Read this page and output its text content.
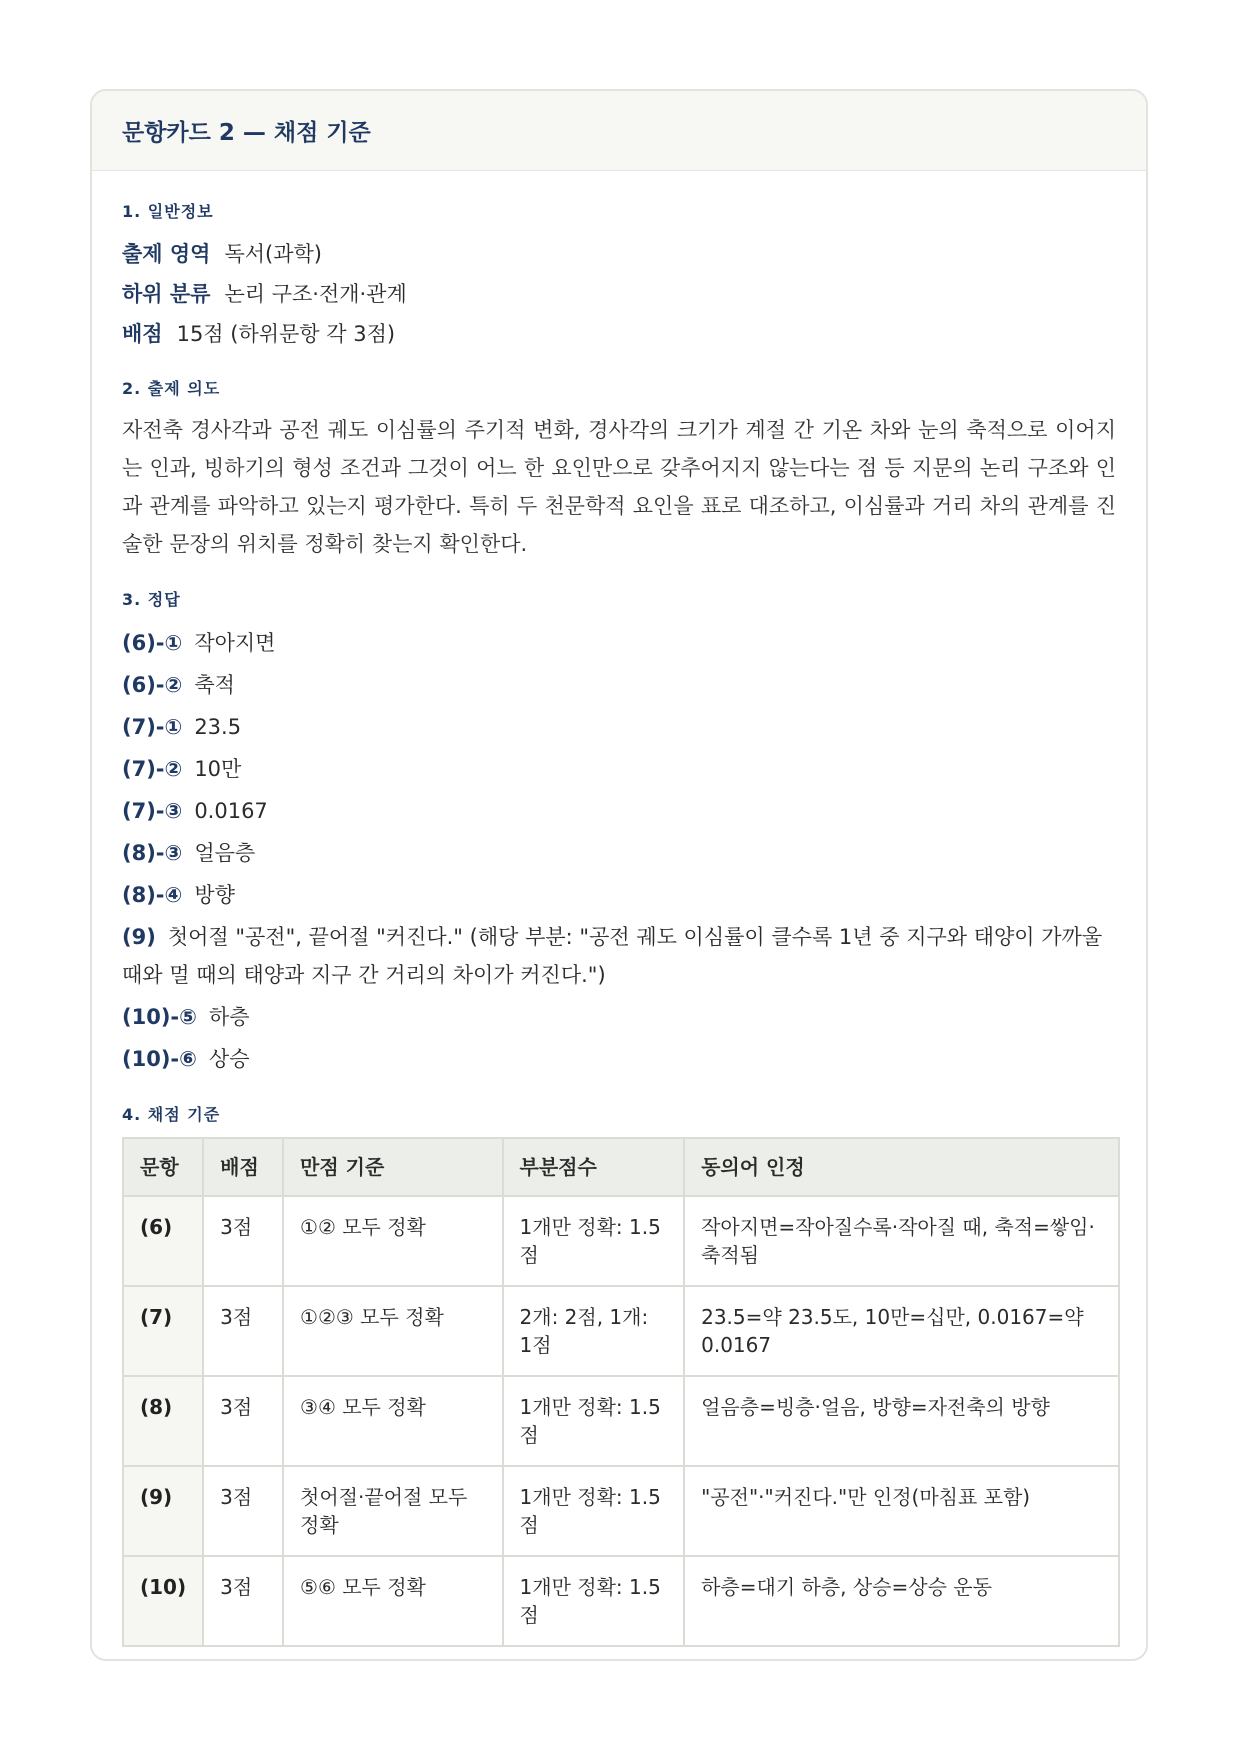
문항카드 2 — 채점 기준
1. 일반정보
출제 영역 독서(과학)
하위 분류 논리 구조·전개·관계
배점 15점 (하위문항 각 3점)
2. 출제 의도

자전축 경사각과 공전 궤도 이심률의 주기적 변화, 경사각의 크기가 계절 간 기온 차와 눈의 축적으로 이어지는 인과, 빙하기의 형성 조건과 그것이 어느 한 요인만으로 갖추어지지 않는다는 점 등 지문의 논리 구조와 인과 관계를 파악하고 있는지 평가한다. 특히 두 천문학적 요인을 표로 대조하고, 이심률과 거리 차의 관계를 진술한 문장의 위치를 정확히 찾는지 확인한다.

3. 정답
(6)-① 작아지면
(6)-② 축적
(7)-① 23.5
(7)-② 10만
(7)-③ 0.0167
(8)-③ 얼음층
(8)-④ 방향
(9) 첫어절 "공전", 끝어절 "커진다." (해당 부분: "공전 궤도 이심률이 클수록 1년 중 지구와 태양이 가까울 때와 멀 때의 태양과 지구 간 거리의 차이가 커진다.")
(10)-⑤ 하층
(10)-⑥ 상승
4. 채점 기준
문항	배점	만점 기준	부분점수	동의어 인정
(6)	3점	①② 모두 정확	1개만 정확: 1.5점	작아지면=작아질수록·작아질 때, 축적=쌓임·축적됨
(7)	3점	①②③ 모두 정확	2개: 2점, 1개: 1점	23.5=약 23.5도, 10만=십만, 0.0167=약 0.0167
(8)	3점	③④ 모두 정확	1개만 정확: 1.5점	얼음층=빙층·얼음, 방향=자전축의 방향
(9)	3점	첫어절·끝어절 모두 정확	1개만 정확: 1.5점	"공전"·"커진다."만 인정(마침표 포함)
(10)	3점	⑤⑥ 모두 정확	1개만 정확: 1.5점	하층=대기 하층, 상승=상승 운동
